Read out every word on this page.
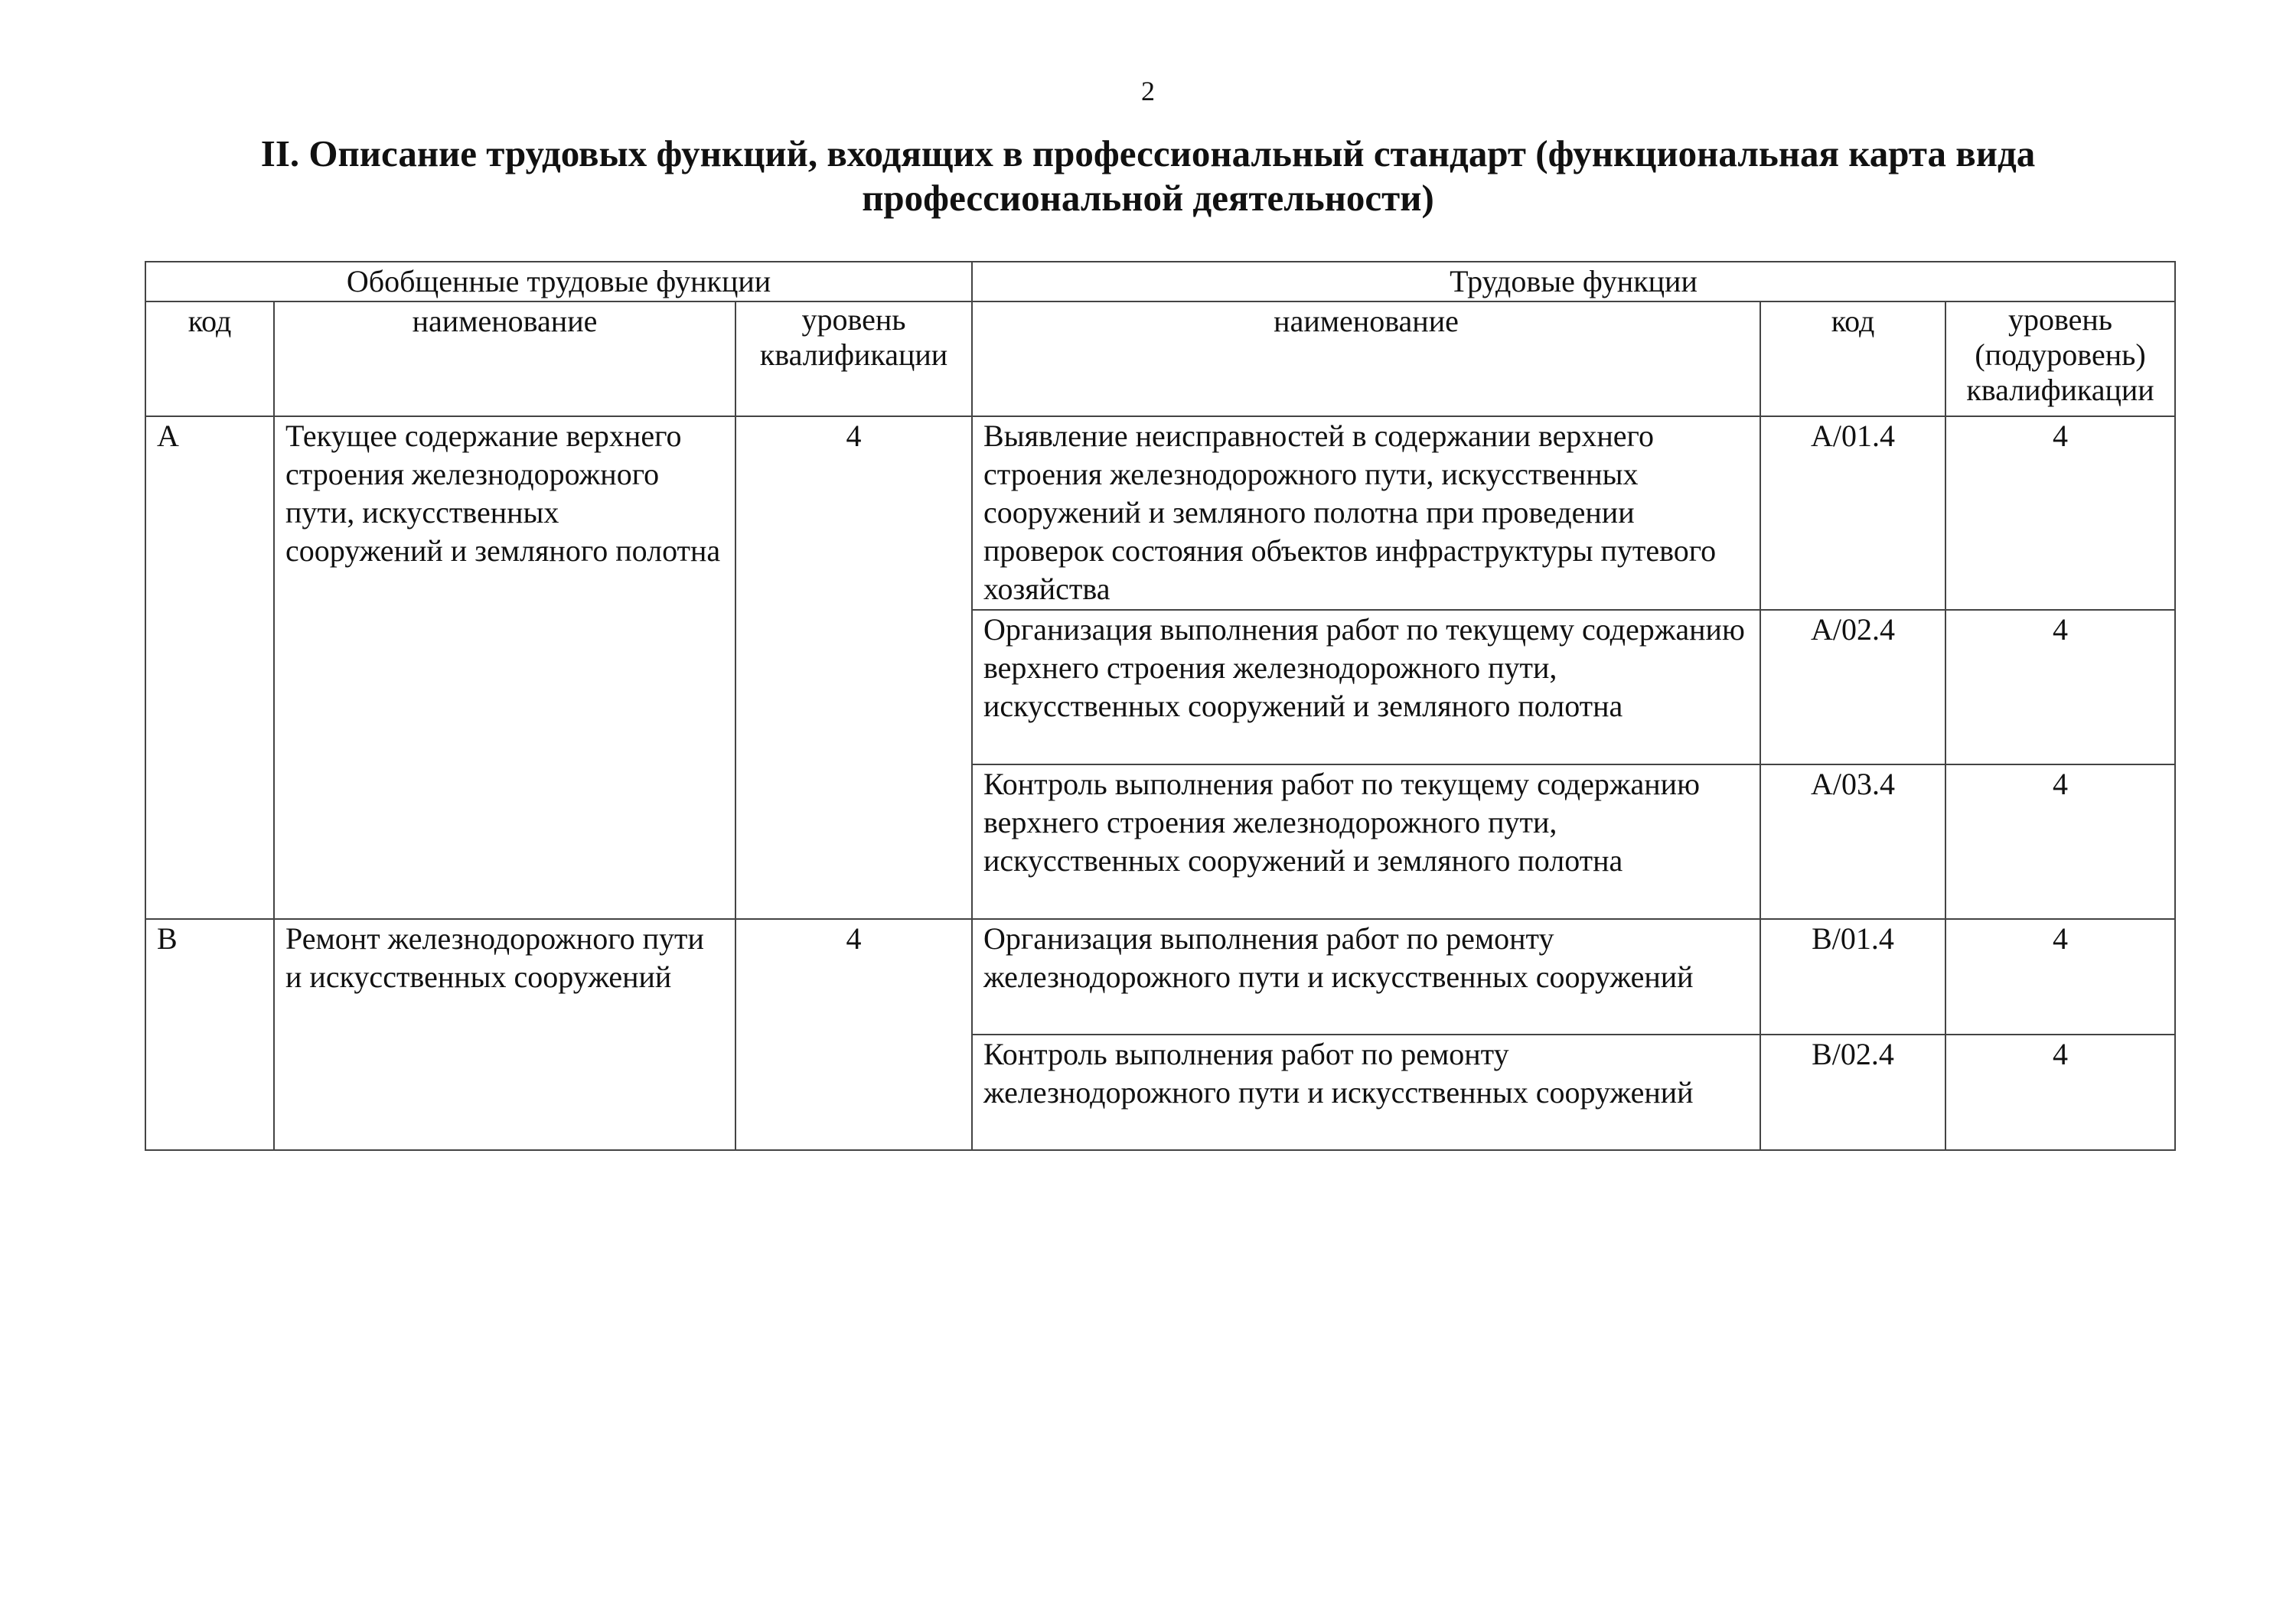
2
II. Описание трудовых функций, входящих в профессиональный стандарт (функциональная карта вида профессиональной деятельности)
Обобщенные трудовые функции			Трудовые функции		
код	наименование	уровень квалификации	наименование	код	уровень (подуровень) квалификации
A	Текущее содержание верхнего строения железнодорожного пути, искусственных сооружений и земляного полотна	4	Выявление неисправностей в содержании верхнего строения железнодорожного пути, искусственных сооружений и земляного полотна при проведении проверок состояния объектов инфраструктуры путевого хозяйства	A/01.4	4
			Организация выполнения работ по текущему содержанию верхнего строения железнодорожного пути, искусственных сооружений и земляного полотна	A/02.4	4
			Контроль выполнения работ по текущему содержанию верхнего строения железнодорожного пути, искусственных сооружений и земляного полотна	A/03.4	4
B	Ремонт железнодорожного пути и искусственных сооружений	4	Организация выполнения работ по ремонту железнодорожного пути и искусственных сооружений	B/01.4	4
			Контроль выполнения работ по ремонту железнодорожного пути и искусственных сооружений	B/02.4	4
